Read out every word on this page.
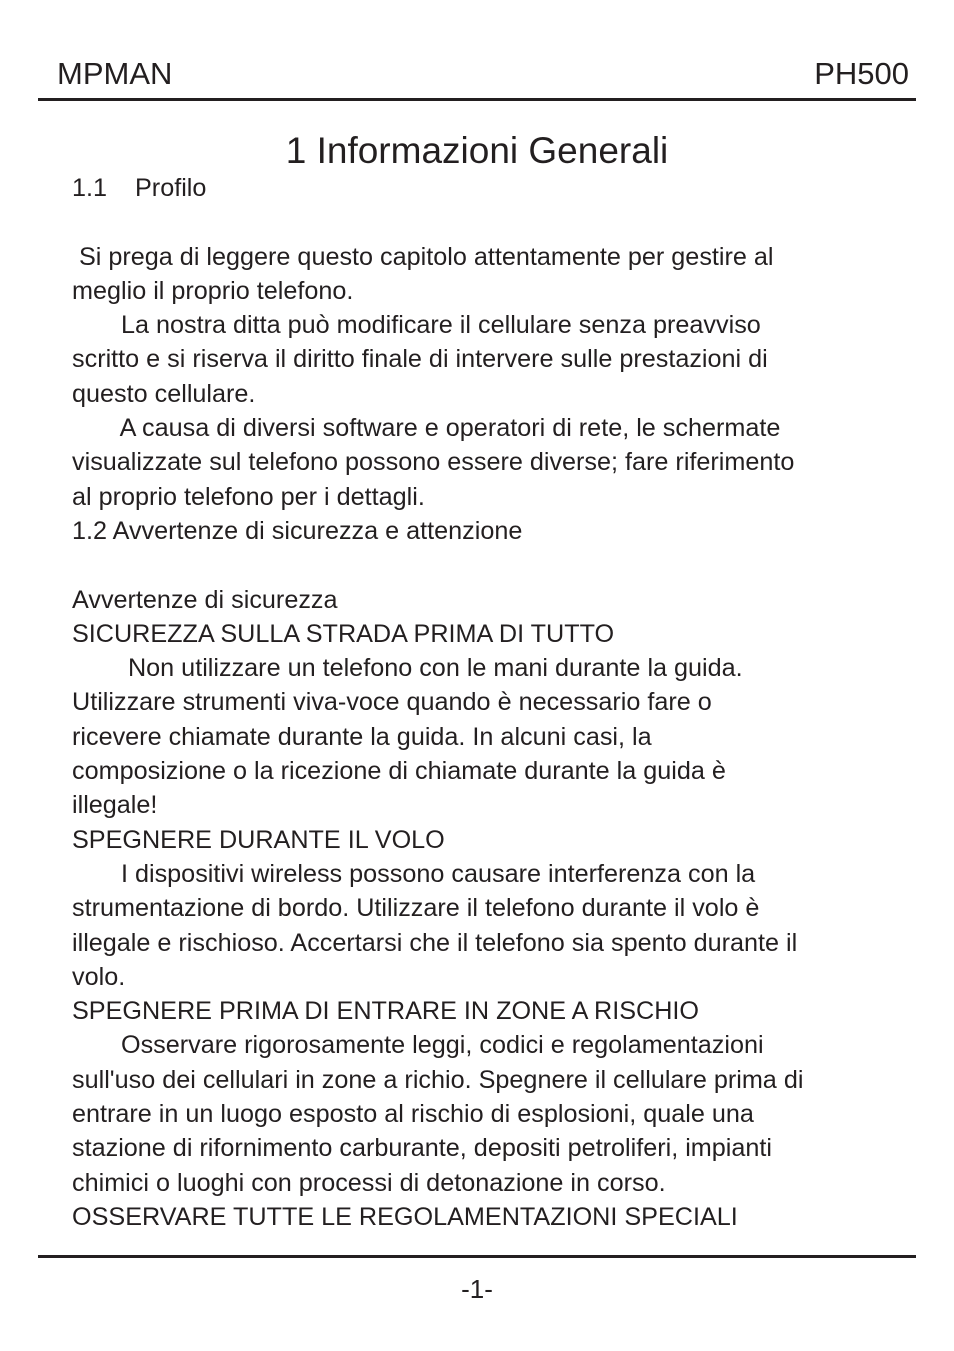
MPMAN	PH500
1 Informazioni Generali
1.1    Profilo
Si prega di leggere questo capitolo attentamente per gestire al
meglio il proprio telefono.
La nostra ditta può modificare il cellulare senza preavviso
scritto e si riserva il diritto finale di intervere sulle prestazioni di
questo cellulare.
A causa di diversi software e operatori di rete, le schermate
visualizzate sul telefono possono essere diverse; fare riferimento
al proprio telefono per i dettagli.
1.2 Avvertenze di sicurezza e attenzione
Avvertenze di sicurezza
SICUREZZA SULLA STRADA PRIMA DI TUTTO
Non utilizzare un telefono con le mani durante la guida.
Utilizzare strumenti viva-voce quando è necessario fare o
ricevere chiamate durante la guida. In alcuni casi, la
composizione o la ricezione di chiamate durante la guida è
illegale!
SPEGNERE DURANTE IL VOLO
I dispositivi wireless possono causare interferenza con la
strumentazione di bordo. Utilizzare il telefono durante il volo è
illegale e rischioso. Accertarsi che il telefono sia spento durante il
volo.
SPEGNERE PRIMA DI ENTRARE IN ZONE A RISCHIO
Osservare rigorosamente leggi, codici e regolamentazioni
sull'uso dei cellulari in zone a richio. Spegnere il cellulare prima di
entrare in un luogo esposto al rischio di esplosioni, quale una
stazione di rifornimento carburante, depositi petroliferi, impianti
chimici o luoghi con processi di detonazione in corso.
OSSERVARE TUTTE LE REGOLAMENTAZIONI SPECIALI
-1-
